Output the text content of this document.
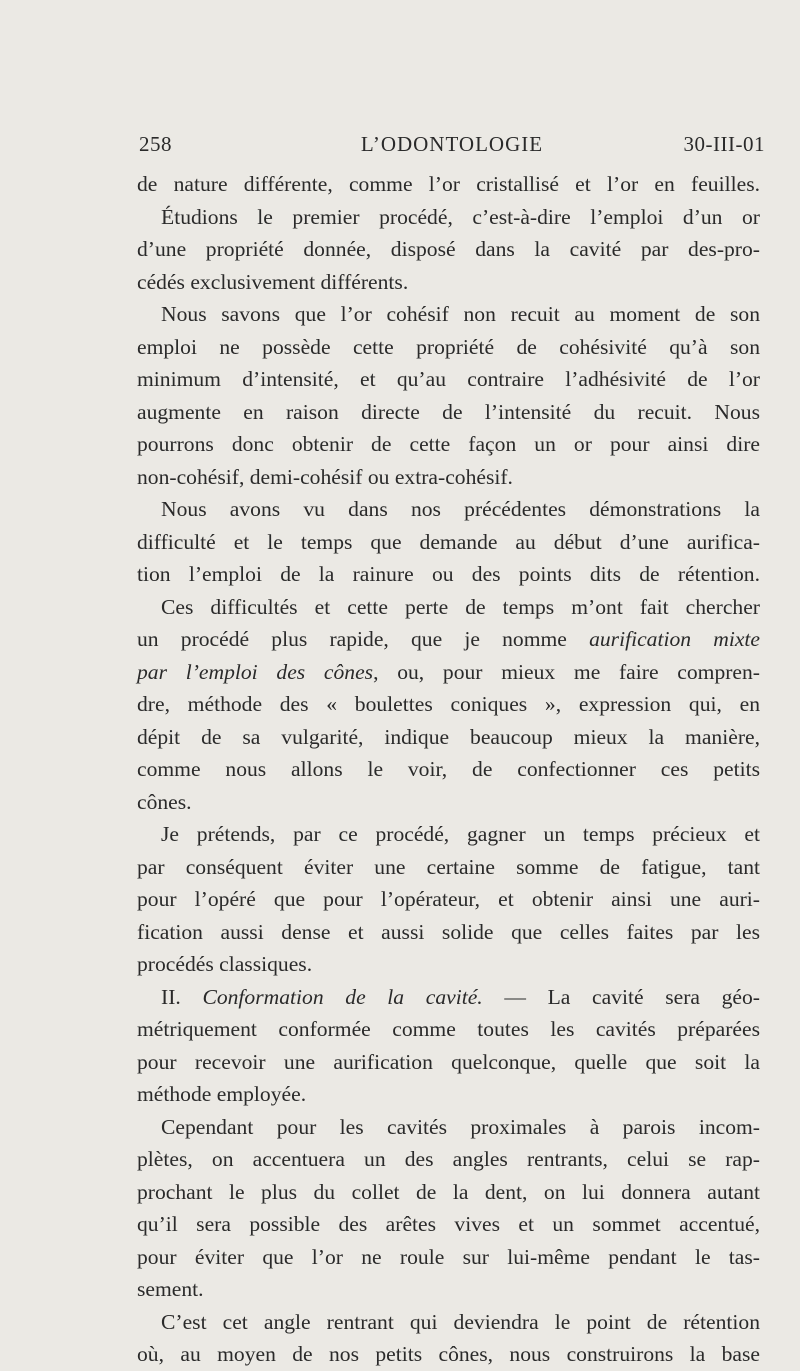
258	L’ODONTOLOGIE	30-III-01
de nature différente, comme l’or cristallisé et l’or en feuilles.
Étudions le premier procédé, c’est-à-dire l’emploi d’un or
d’une propriété donnée, disposé dans la cavité par des-pro-
cédés exclusivement différents.
Nous savons que l’or cohésif non recuit au moment de son
emploi ne possède cette propriété de cohésivité qu’à son
minimum d’intensité, et qu’au contraire l’adhésivité de l’or
augmente en raison directe de l’intensité du recuit. Nous
pourrons donc obtenir de cette façon un or pour ainsi dire
non-cohésif, demi-cohésif ou extra-cohésif.
Nous avons vu dans nos précédentes démonstrations la
difficulté et le temps que demande au début d’une aurifica-
tion l’emploi de la rainure ou des points dits de rétention.
Ces difficultés et cette perte de temps m’ont fait chercher
un procédé plus rapide, que je nomme aurification mixte
par l’emploi des cônes, ou, pour mieux me faire compren-
dre, méthode des « boulettes coniques », expression qui, en
dépit de sa vulgarité, indique beaucoup mieux la manière,
comme nous allons le voir, de confectionner ces petits
cônes.
Je prétends, par ce procédé, gagner un temps précieux et
par conséquent éviter une certaine somme de fatigue, tant
pour l’opéré que pour l’opérateur, et obtenir ainsi une auri-
fication aussi dense et aussi solide que celles faites par les
procédés classiques.
II. Conformation de la cavité. — La cavité sera géo-
métriquement conformée comme toutes les cavités préparées
pour recevoir une aurification quelconque, quelle que soit la
méthode employée.
Cependant pour les cavités proximales à parois incom-
plètes, on accentuera un des angles rentrants, celui se rap-
prochant le plus du collet de la dent, on lui donnera autant
qu’il sera possible des arêtes vives et un sommet accentué,
pour éviter que l’or ne roule sur lui-même pendant le tas-
sement.
C’est cet angle rentrant qui deviendra le point de rétention
où, au moyen de nos petits cônes, nous construirons la base
